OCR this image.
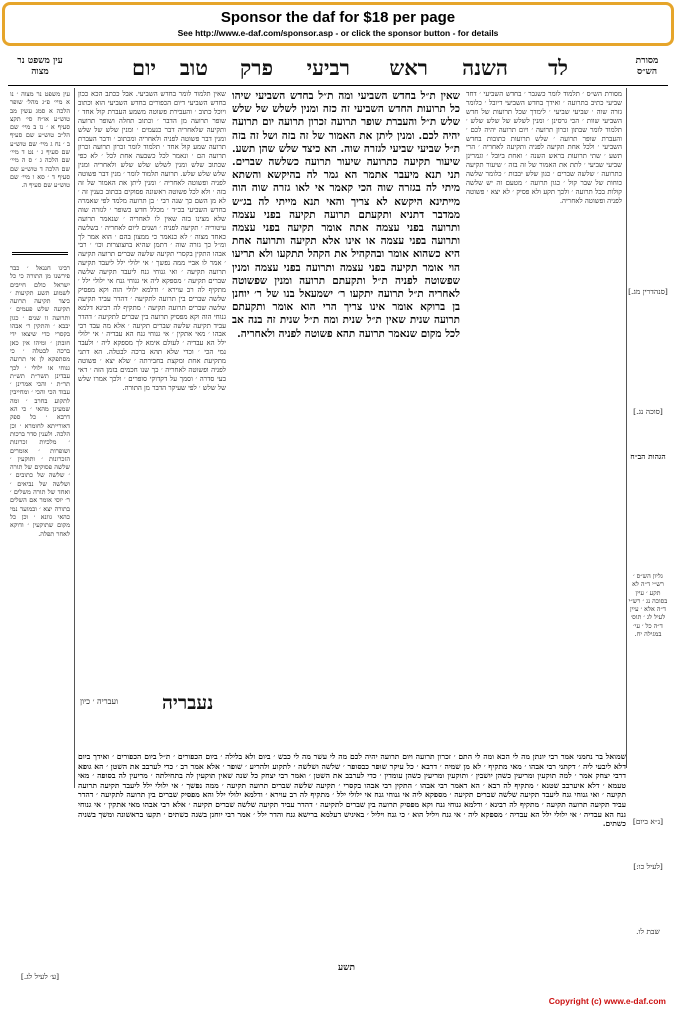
Sponsor the daf for $18 per page
See http://www.e-daf.com/sponsor.asp - or click the sponsor button - for details
מסורת הש״ס
יום טוב פרק רביעי ראש השנה לד
עין משפט נר מצוה

עין משפט נר מצוה ׳ נו א מיי׳ פ״ג מהל׳ שופר הלכה א סמג עשין מב טוש״ע או״ח סי׳ תקצ סעיף א ׳ נז ב מיי׳ שם הל״ב טוש״ע שם סעיף ב ׳ נח ג מיי׳ שם טוש״ע שם סעיף ג ׳ נט ד מיי׳ שם הלכה ג ׳ ס ה מיי׳ שם הלכה ד טוש״ע שם סעיף ד ׳ סא ו מיי׳ שם טוש״ע שם סעיף ה.

רבינו חננאל ׳ כבר פירשנו מן התורה כי כל ישראל כולם חייבים לשמוע תשע תקיעות ׳ כיצד תקיעה תרועה תקיעה שלש פעמים ׳ ותרועה זו שנים ׳ כגון יבבא ׳ והתקין ר׳ אבהו בקסרי כדי שיצאו ידי חובתן ׳ ומיהו אין כאן ברכה לבטלה ׳ כי מסתפקא לן אי תרועה גנוחי או ילולי ׳ לכך עבדינן תשר״ת תש״ת תר״ת ׳ והכי אמרינן ׳ עבוד הכי והכי ׳ ומחייבין לתקוע בחרב ׳ ומה שמעינן מהאי ׳ כי הא דרבא ׳ כל ספק דאורייתא לחומרא ׳ וכן הלכה. ולענין סדר ברכות ׳ מלכיות זכרונות ושופרות ׳ אומרים הזכרונות ׳ ותוקעין ׳ שלשה פסוקים של תורה ׳ שלשה של כתובים ׳ ושלשה של נביאים ׳ ואחד של תורה משלים ׳ ר׳ יוסי אומר אם השלים בתורה יצא ׳ ובמועד נמי כהאי גוונא ׳ וכן כל מקום שתוקעין ׳ ודוקא לאחר תפלה.

שאין תלמוד לומר בחדש השביעי. אבל ככתב הכא ככון בחדש השביעי דיום הכפורים בחדש השביעי הוא וכתוב ויוכל כתוב ׳ והעבירת פשוטה משמע העברת קול אחד ׳ שופר תרועה מן הדבר ׳ וכתוב תחלה ושופר תרועה ותקיעה שלאחריה דבר כנעמים ׳ ומנין שלש של שלש ומנין דבר פשוטה לפניה ולאחריה ומכתוב ׳ ודבר העברת תרועה שמע קול אחד ׳ תלמוד לומר זכרון תרועה זכרון תרועה הם ׳ ונאמר לכל כשבעה אחת לכל ׳ לא כפי שכתוב שלש ומנין לשלש שלש שלש ולאחריה ומנין שלש שלש שלש. תרועה תלמוד לומר ׳ מנין דבר פשוטה לפניה ופשוטה לאחריה ׳ ומנין ליתן את האמור של זה בזה ׳ ולא לכל פשוטה ראשונה פסוקים בכתוב כענין זה ׳ לא מן השם כך שנה רבי ׳ בן תרועה מלמד לפי שאמרה בחדש השביעי בכ״ד ׳ מכלל חדש כשופר ׳ לגזרה שוה שלא מצינו בזה שאין לו לאחריה ׳ שנאמר תרועה עיטוריה ׳ תקיעה לפניה ׳ ושנים ליום לאחריה ׳ בשלשה כאחד מצוה ׳ לא כנאמר כי ממצון בהם ׳ הוא אמר לך ומ״ל כך גזרה שוה ׳ דתמן שהיא בחצוצרות וכו׳ ׳ רבי אבהו התקין בקסרי תקיעה שלשה שברים תרועה תקיעה ׳ אמר לו אביי ממה נפשך ׳ אי ילולי ילל ליעבד תקיעה תרועה תקיעה ׳ ואי גנוחי גנח ליעבד תקיעה שלשה שברים תקיעה ׳ מספקא ליה אי גנוחי גנח אי ילולי ילל ׳ מתקיף לה רב עוירא ׳ ודלמא ילולי הוה וקא מפסיק שלשה שברים בין תרועה לתקיעה ׳ דהדר עביד תקיעה שלשה שברים תרועה תקיעה ׳ מתקיף לה רבינא דלמא גנוחי הוה וקא מפסיק תרועה בין שברים לתקיעה ׳ דהדר עביד תקיעה שלשה שברים תקיעה ׳ אלא מה עבד רבי אבהו ׳ מאי אתקין ׳ אי גנוחי גנח הא עבדיה ׳ אי ילולי ילל הא עבדיה ׳ לעולם אימא לך מספקא ליה ׳ ולעבד נמי הכי ׳ וכדי שלא תהא ברכה לבטלה. הא דתני מתקיעת אחת ומקצת בחבירתה ׳ שלא יצא ׳ פשוטה לפניה ופשוטה לאחריה ׳ כך שנו חכמים בזמן הזה ׳ דאי בעי סדרה ׳ וסמך על דקדוקי סופרים ׳ ולכך אמרו שלש של שלש ׳ לפי שעיקר הדבר מן התורה.

שאין ת״ל בחדש השביעי ומה ת״ל בחדש השביעי שיהו כל תרועות החדש השביעי זה כזה ומנין לשלש של שלש שלש ת״ל והעברת שופר תרועה זכרון תרועה יום תרועה יהיה לכם. ומנין ליתן את האמור של זה בזה ושל זה בזה ת״ל שביעי שביעי לגזרה שוה. הא כיצד שלש שהן תשע. שיעור תקיעה כתרועה שיעור תרועה כשלשה שברים. תני תנא מיעבר אתמר הא גמר לה בהיקשא והשתא מיתי לה בגזרה שוה הכי קאמר אי לאו גזרה שוה הוה מייתינא היקשא לא צריך והאי תנא מייתי לה בג״ש ממדבר דתניא ותקעתם תרועה תקיעה בפני עצמה ותרועה בפני עצמה אתה אומר תקיעה בפני עצמה ותרועה בפני עצמה או אינו אלא תקיעה ותרועה אחת היא כשהוא אומר ובהקהיל את הקהל תתקעו ולא תריעו הוי אומר תקיעה בפני עצמה ותרועה בפני עצמה ומנין שפשוטה לפניה ת״ל ותקעתם תרועה ומנין שפשוטה לאחריה ת״ל תרועה יתקעו ר׳ ישמעאל בנו של ר׳ יוחנן בן ברוקא אומר אינו צריך הרי הוא אומר ותקעתם תרועה שנית שאין ת״ל שנית ומה ת״ל שנית זה בנה אב לכל מקום שנאמר תרועה תהא פשוטה לפניה ולאחריה.

מסורת הש״ס ׳ תלמוד לומר כשגבר ׳ בחדש השביעי ׳ דחד שביעי כתיב בתרועה ׳ ואידך בחדש השביעי דיובל ׳ כלומר גזרה שוה ׳ שביעי שביעי ׳ לימדך שכל תרועות של חדש השביעי שוות ׳ הכי גרסינן ׳ ומנין לשלש של שלש שלש ׳ תלמוד לומר שבתון זכרון תרועה ׳ ויום תרועה יהיה לכם ׳ והעברת שופר תרועה ׳ שלש תרועות כתובות בחדש השביעי ׳ ולכל אחת תקיעה לפניה ותקיעה לאחריה ׳ הרי תשע ׳ שתי תרועות בראש השנה ׳ ואחת ביובל ׳ וגמרינן שביעי שביעי ׳ לתת את האמור של זה בזה ׳ שיעור תקיעה כתרועה ׳ שלשה שברים ׳ כגון שלש יבבות ׳ כלומר שלשה כוחות של שבר קול ׳ כגון תרועה ׳ מטעם זה יש שלשה קולות בכל תרועה ׳ ולכך תקע ולא פסיק ׳ לא יצא ׳ פשוטה לפניה ופשוטה לאחריה.

[סנהדרין מג.]
[סוכה נג.]
הגהות הב״ח

גליון הש״ס ׳ רש״י ד״ה לא תקע ׳ עיין בסוכה נג ׳ רש״י ד״ה אלא ׳ עיין לעיל לג ׳ תוס׳ ד״ה כל ׳ עי׳ במגילה יח.

שמואל בר נחמני אמר רבי יונתן מה לי הכא ומה לי התם ׳ זכרון תרועה ויום תרועה יהיה לכם מה לי עשר מה לי כבש ׳ ביום ולא בלילה ׳ ביום הכפורים ׳ ת״ל ביום הכפורים ׳ ואידך ביום דלא ליבעי ליה ׳ דקתני רבי אבהו ׳ מאי מתקיף ׳ לא מן שמיה ׳ דרבא ׳ כל עיקר שופר כבסופר ׳ שלשה ושלשה ׳ לתקוע ולהריע ׳ שופר ׳ אלא אמר רב ׳ כדי לערבב את השטן ׳ הא גופא דרבי יצחק אמר ׳ למה תוקעין ומריעין כשהן יושבין ׳ ותוקעין ומריעין כשהן עומדין ׳ כדי לערבב את השטן ׳ ואמר רבי יצחק כל שנה שאין תוקעין לה בתחילתה ׳ מריעין לה בסופה ׳ מאי טעמא ׳ דלא איערבב שטנא ׳ מתקיף לה רבא ׳ הא דאמר רבי אבהו ׳ התקין רבי אבהו בקסרי ׳ תקיעה שלשה שברים תרועה תקיעה ׳ ממה נפשך ׳ אי ילולי ילל ליעבד תקיעה תרועה תקיעה ׳ ואי גנוחי גנח ליעבד תקיעה שלשה שברים תקיעה ׳ מספקא ליה אי גנוחי גנח אי ילולי ילל ׳ מתקיף לה רב עוירא ׳ ודלמא ילולי ילל והא מפסיק שברים בין תרועה לתקיעה ׳ דהדר עביד תקיעה תרועה תקיעה ׳ מתקיף לה רבינא ׳ ודלמא גנוחי גנח וקא מפסיק תרועה בין שברים לתקיעה ׳ דהדר עביד תקיעה שלשה שברים תקיעה ׳ אלא רבי אבהו מאי אתקין ׳ אי גנוחי גנח הא עבדיה ׳ אי ילולי ילל הא עבדיה ׳ מספקא ליה ׳ אי גנח ויליל הוא ׳ כי גנח ויליל ׳ באיניש דעלמא ברישא גנח והדר ילל ׳ אמר רבי יוחנן בשנה כשתים ׳ תקעו בראשונה ומשך בשניה כשתים. [נ״א ביום]
[לעיל כו:]
שבת לו.
נעבריה
ועבריה ׳ כיון
תשע
[ע׳ לעיל לג.]
Copyright (c) www.e-daf.com
